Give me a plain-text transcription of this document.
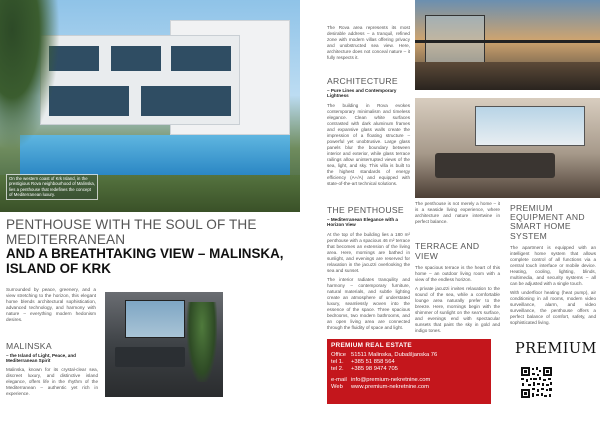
On the western coast of Krk Island, in the prestigious Rova neighbourhood of Malinska, lies a penthouse that redefines the concept of Mediterranean luxury.
PENTHOUSE WITH THE SOUL OF THE MEDITERRANEAN
AND A BREATHTAKING VIEW – MALINSKA, ISLAND OF KRK
Surrounded by peace, greenery, and a view stretching to the horizon, this elegant home blends architectural sophistication, advanced technology, and harmony with nature – everything modern hedonism desires.
MALINSKA
– the Island of Light, Peace, and Mediterranean Spirit
Malinska, known for its crystal-clear sea, discreet luxury, and distinctive island elegance, offers life in the rhythm of the Mediterranean – authentic yet rich in experience.
The Rova area represents its most desirable address – a tranquil, refined zone with modern villas offering privacy and unobstructed sea view. Here, architecture does not conceal nature – it fully respects it.
ARCHITECTURE
– Pure Lines and Contemporary Lightness
The building in Rova evokes contemporary minimalism and timeless elegance. Clean white surfaces contrasted with dark aluminum frames and expansive glass walls create the impression of a floating structure – powerful yet unobtrusive. Large glass panels blur the boundary between interior and exterior, while glass terrace railings allow uninterrupted views of the sea, light, and sky. This villa is built to the highest standards of energy efficiency (A+/A) and equipped with state-of-the-art technical solutions.
THE PENTHOUSE
– Mediterranean Elegance with a Horizon View
At the top of the building lies a 180 m² penthouse with a spacious 46 m² terrace that becomes an extension of the living area. Here, mornings are bathed in sunlight, and evenings are reserved for relaxation in the jacuzzi overlooking the sea and sunset.
The interior radiates tranquility and harmony – contemporary furniture, natural materials, and subtle lighting create an atmosphere of understated luxury, seamlessly woven into the essence of the space. Three spacious bedrooms, two modern bathrooms, and an open living area are connected through the fluidity of space and light.
The penthouse is not merely a home – it is a seaside living experience, where architecture and nature intertwine in perfect balance.
TERRACE AND VIEW
The spacious terrace is the heart of this home – an outdoor living room with a view of the endless horizon.
A private jacuzzi invites relaxation to the sound of the sea, while a comfortable lounge area naturally prefer to the breeze. Here, mornings begin with the shimmer of sunlight on the sea's surface, and evenings end with spectacular sunsets that paint the sky in gold and indigo tones.
PREMIUM EQUIPMENT AND SMART HOME SYSTEM
The apartment is equipped with an intelligent home system that allows complete control of all functions via a central touch interface or mobile device. Heating, cooling, lighting, blinds, multimedia, and security systems – all can be adjusted with a single touch.
With underfloor heating (heat pump), air conditioning in all rooms, modern video surveillance, alarm, and video surveillance, the penthouse offers a perfect balance of comfort, safety, and sophisticated living.
PREMIUM REAL ESTATE
Office 51511 Malinska, Dubašljanska 76
tel 1.	+385 51 858 564
tel 2.	+385 98 9474 705
e-mail info@premium-nekretnine.com
Web	www.premium-nekretnine.com
PREMIUM
